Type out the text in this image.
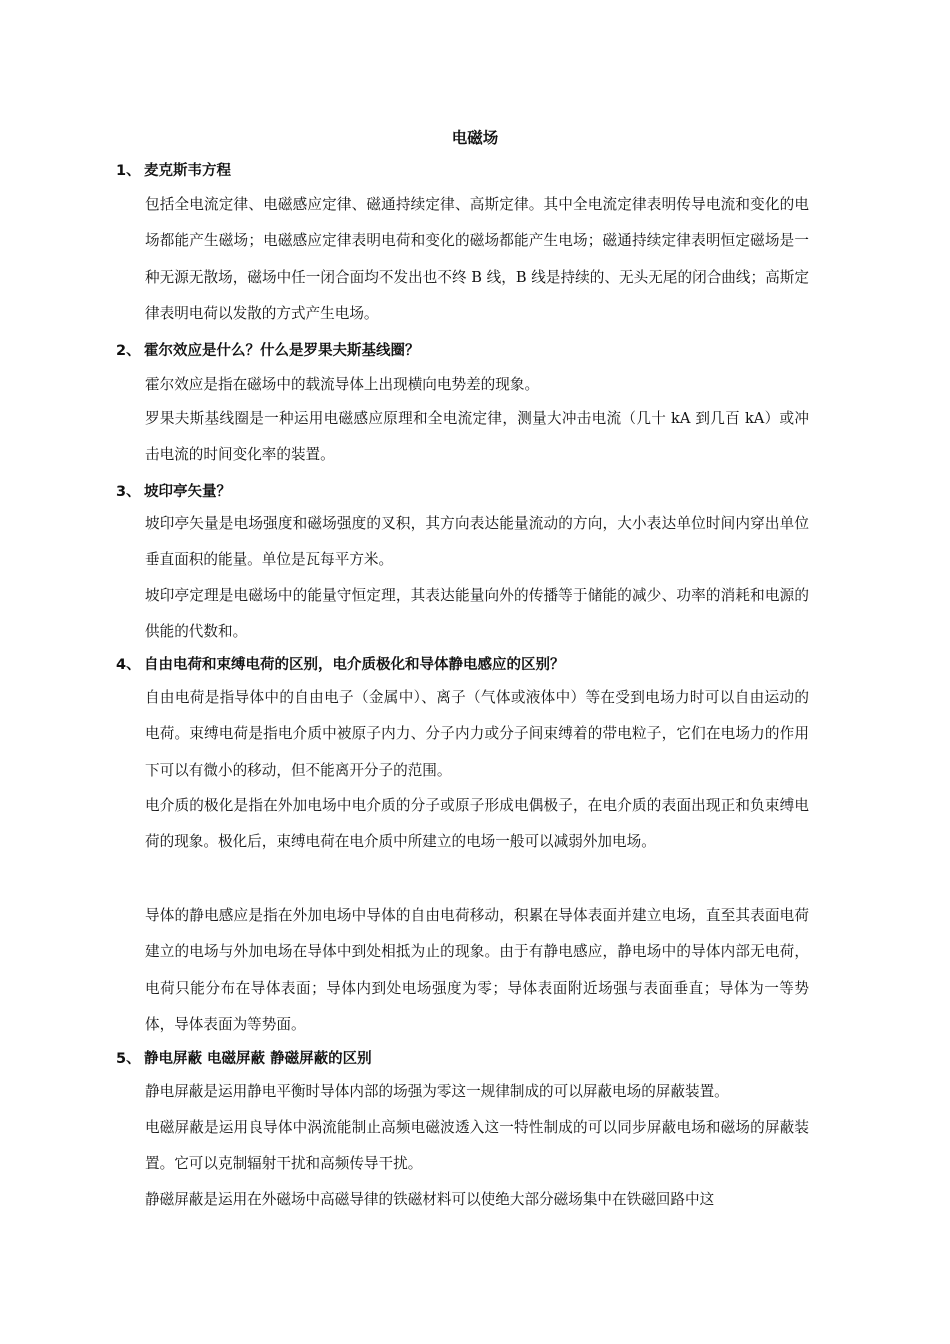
电磁场
1、 麦克斯韦方程

包括全电流定律、电磁感应定律、磁通持续定律、高斯定律。其中全电流定律表明传导电流和变化的电场都能产生磁场；电磁感应定律表明电荷和变化的磁场都能产生电场；磁通持续定律表明恒定磁场是一种无源无散场，磁场中任一闭合面均不发出也不终 B 线，B 线是持续的、无头无尾的闭合曲线；高斯定律表明电荷以发散的方式产生电场。

2、 霍尔效应是什么？什么是罗果夫斯基线圈？

霍尔效应是指在磁场中的载流导体上出现横向电势差的现象。

罗果夫斯基线圈是一种运用电磁感应原理和全电流定律，测量大冲击电流（几十 kA 到几百 kA）或冲击电流的时间变化率的装置。

3、 坡印亭矢量？

坡印亭矢量是电场强度和磁场强度的叉积，其方向表达能量流动的方向，大小表达单位时间内穿出单位垂直面积的能量。单位是瓦每平方米。

坡印亭定理是电磁场中的能量守恒定理，其表达能量向外的传播等于储能的减少、功率的消耗和电源的供能的代数和。

4、 自由电荷和束缚电荷的区别，电介质极化和导体静电感应的区别？

自由电荷是指导体中的自由电子（金属中）、离子（气体或液体中）等在受到电场力时可以自由运动的电荷。束缚电荷是指电介质中被原子内力、分子内力或分子间束缚着的带电粒子，它们在电场力的作用下可以有微小的移动，但不能离开分子的范围。

电介质的极化是指在外加电场中电介质的分子或原子形成电偶极子，在电介质的表面出现正和负束缚电荷的现象。极化后，束缚电荷在电介质中所建立的电场一般可以减弱外加电场。

导体的静电感应是指在外加电场中导体的自由电荷移动，积累在导体表面并建立电场，直至其表面电荷建立的电场与外加电场在导体中到处相抵为止的现象。由于有静电感应，静电场中的导体内部无电荷，电荷只能分布在导体表面；导体内到处电场强度为零；导体表面附近场强与表面垂直；导体为一等势体，导体表面为等势面。

5、 静电屏蔽 电磁屏蔽 静磁屏蔽的区别

静电屏蔽是运用静电平衡时导体内部的场强为零这一规律制成的可以屏蔽电场的屏蔽装置。

电磁屏蔽是运用良导体中涡流能制止高频电磁波透入这一特性制成的可以同步屏蔽电场和磁场的屏蔽装置。它可以克制辐射干扰和高频传导干扰。

静磁屏蔽是运用在外磁场中高磁导律的铁磁材料可以使绝大部分磁场集中在铁磁回路中这
